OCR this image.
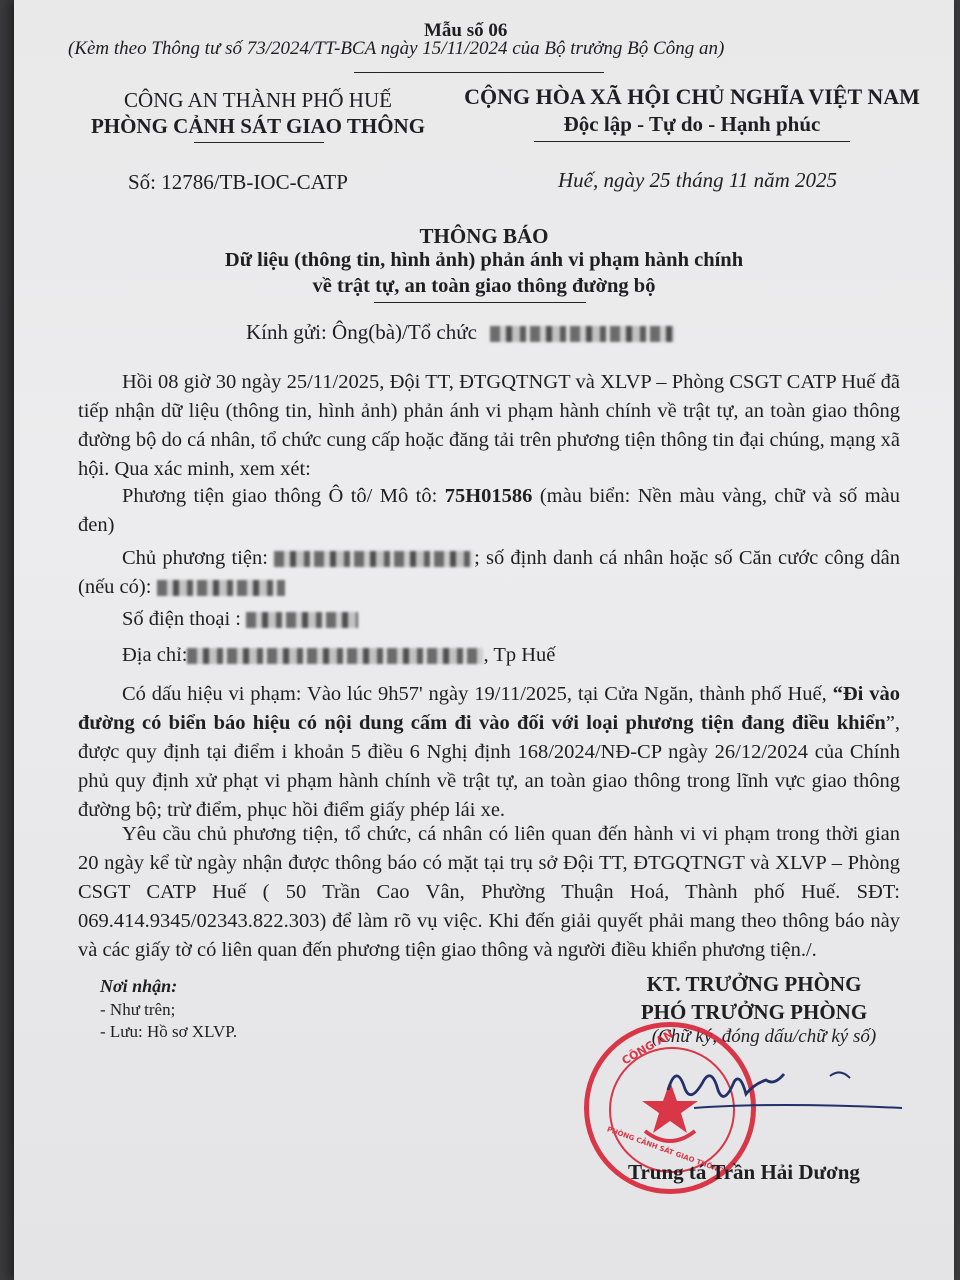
Mẫu số 06
(Kèm theo Thông tư số 73/2024/TT-BCA ngày 15/11/2024 của Bộ trưởng Bộ Công an)
CÔNG AN THÀNH PHỐ HUẾ
PHÒNG CẢNH SÁT GIAO THÔNG
CỘNG HÒA XÃ HỘI CHỦ NGHĨA VIỆT NAM
Độc lập - Tự do - Hạnh phúc
Số: 12786/TB-IOC-CATP	Huế, ngày 25 tháng 11 năm 2025
THÔNG BÁO
Dữ liệu (thông tin, hình ảnh) phản ánh vi phạm hành chính
về trật tự, an toàn giao thông đường bộ
Kính gửi: Ông(bà)/Tổ chức
Hồi 08 giờ 30 ngày 25/11/2025, Đội TT, ĐTGQTNGT và XLVP – Phòng CSGT CATP Huế đã tiếp nhận dữ liệu (thông tin, hình ảnh) phản ánh vi phạm hành chính về trật tự, an toàn giao thông đường bộ do cá nhân, tổ chức cung cấp hoặc đăng tải trên phương tiện thông tin đại chúng, mạng xã hội. Qua xác minh, xem xét:
Phương tiện giao thông Ô tô/ Mô tô: 75H01586 (màu biển: Nền màu vàng, chữ và số màu đen)
Chủ phương tiện:	; số định danh cá nhân hoặc số Căn cước công dân (nếu có):
Số điện thoại :
Địa chỉ:	, Tp Huế
Có dấu hiệu vi phạm: Vào lúc 9h57' ngày 19/11/2025, tại Cửa Ngăn, thành phố Huế, “Đi vào đường có biển báo hiệu có nội dung cấm đi vào đối với loại phương tiện đang điều khiển”, được quy định tại điểm i khoản 5 điều 6 Nghị định 168/2024/NĐ-CP ngày 26/12/2024 của Chính phủ quy định xử phạt vi phạm hành chính về trật tự, an toàn giao thông trong lĩnh vực giao thông đường bộ; trừ điểm, phục hồi điểm giấy phép lái xe.
Yêu cầu chủ phương tiện, tổ chức, cá nhân có liên quan đến hành vi vi phạm trong thời gian 20 ngày kể từ ngày nhận được thông báo có mặt tại trụ sở Đội TT, ĐTGQTNGT và XLVP – Phòng CSGT CATP Huế ( 50 Trần Cao Vân, Phường Thuận Hoá, Thành phố Huế. SĐT: 069.414.9345/02343.822.303) để làm rõ vụ việc. Khi đến giải quyết phải mang theo thông báo này và các giấy tờ có liên quan đến phương tiện giao thông và người điều khiển phương tiện./.
Nơi nhận:
- Như trên;
- Lưu: Hồ sơ XLVP.
KT. TRƯỞNG PHÒNG
PHÓ TRƯỞNG PHÒNG
(Chữ ký, đóng dấu/chữ ký số)
CÔNG AN
PHÒNG CẢNH SÁT GIAO THÔNG
Trung tá Trần Hải Dương
